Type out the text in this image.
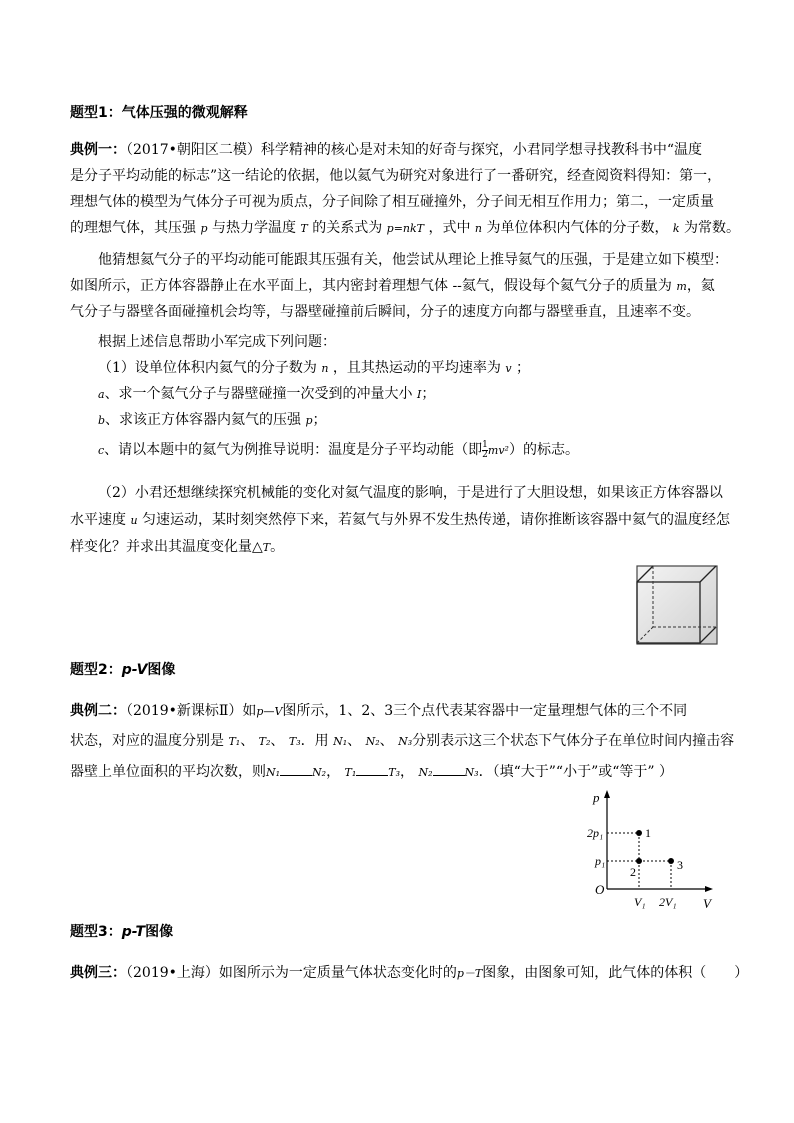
题型1：气体压强的微观解释
典例一：（2017•朝阳区二模）科学精神的核心是对未知的好奇与探究，小君同学想寻找教科书中“温度
是分子平均动能的标志”这一结论的依据，他以氦气为研究对象进行了一番研究，经查阅资料得知：第一，
理想气体的模型为气体分子可视为质点，分子间除了相互碰撞外，分子间无相互作用力；第二，一定质量
的理想气体，其压强 p 与热力学温度 T 的关系式为 p=nkT ，式中 n 为单位体积内气体的分子数， k 为常数。
他猜想氦气分子的平均动能可能跟其压强有关，他尝试从理论上推导氦气的压强，于是建立如下模型：
如图所示，正方体容器静止在水平面上，其内密封着理想气体 --氦气，假设每个氦气分子的质量为 m，氦
气分子与器壁各面碰撞机会均等，与器壁碰撞前后瞬间，分子的速度方向都与器壁垂直，且速率不变。
根据上述信息帮助小军完成下列问题：
（1）设单位体积内氦气的分子数为 n ，且其热运动的平均速率为 v ；
a、求一个氦气分子与器壁碰撞一次受到的冲量大小 I；
b、求该正方体容器内氦气的压强 p；
c、请以本题中的氦气为例推导说明：温度是分子平均动能（即 $\frac{1}{2} mv^2$）的标志。
（2）小君还想继续探究机械能的变化对氦气温度的影响，于是进行了大胆设想，如果该正方体容器以
水平速度 u 匀速运动，某时刻突然停下来，若氦气与外界不发生热传递，请你推断该容器中氦气的温度经怎
样变化？并求出其温度变化量△T。
题型2：p-V图像
典例二：（2019•新课标Ⅱ）如p—V图所示，1、2、3三个点代表某容器中一定量理想气体的三个不同
状态，对应的温度分别是 T₁、 T₂、 T₃．用 N₁、 N₂、 N₃分别表示这三个状态下气体分子在单位时间内撞击容
器壁上单位面积的平均次数，则N₁	N₂， T₁	T₃， N₂	N₃．（填“大于”“小于”或“等于” ）
p
V
O
2p₁
p₁
V₁ 2V₁
1
2	3
题型3：p-T图像
典例三：（2019•上海）如图所示为一定质量气体状态变化时的p－T图象，由图象可知，此气体的体积（ ）
